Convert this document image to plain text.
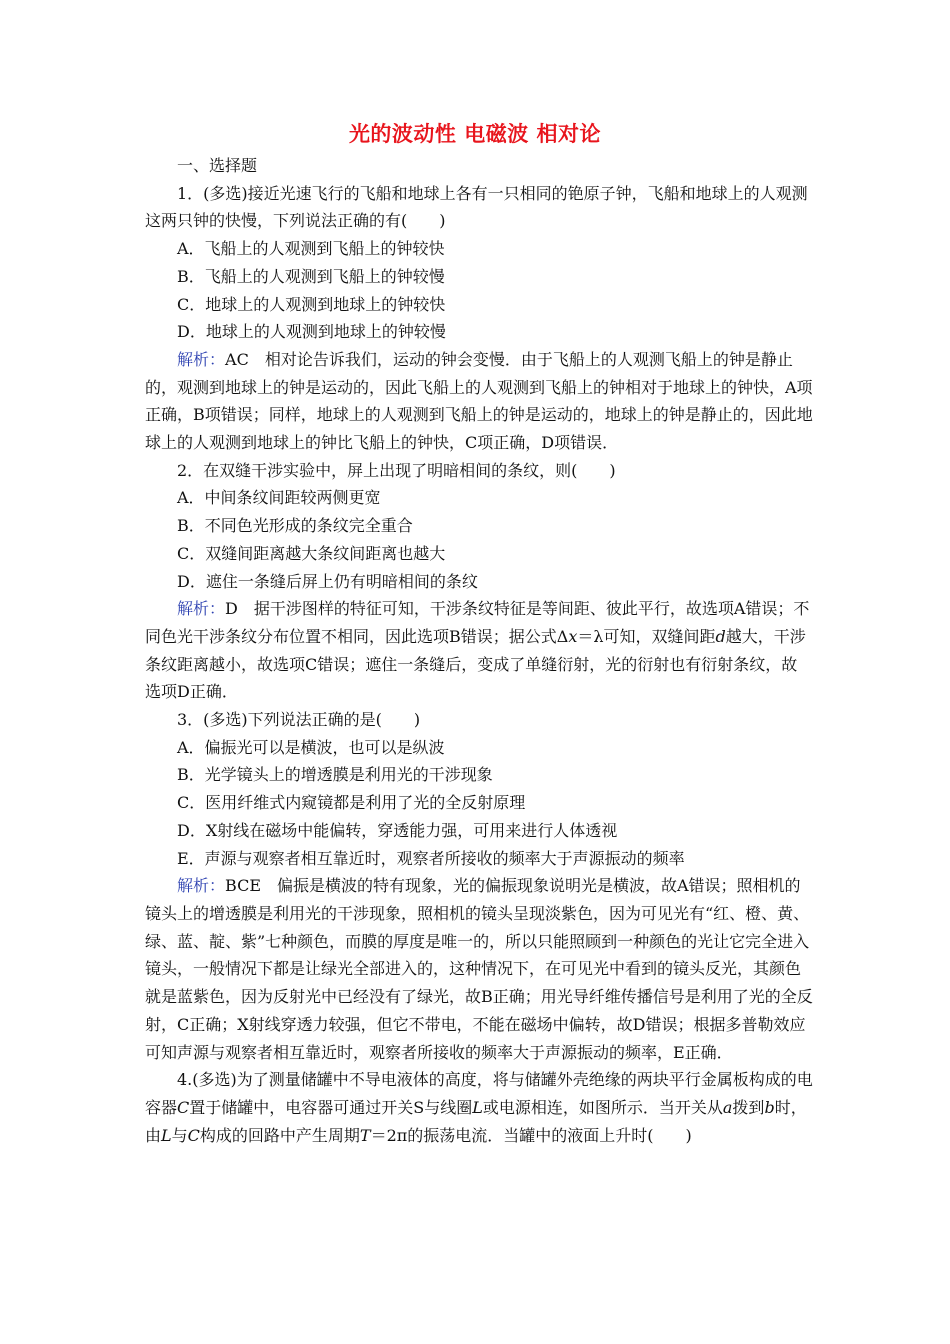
光的波动性 电磁波 相对论

一、选择题

1．(多选)接近光速飞行的飞船和地球上各有一只相同的铯原子钟，飞船和地球上的人观测这两只钟的快慢，下列说法正确的有(　　)

A．飞船上的人观测到飞船上的钟较快

B．飞船上的人观测到飞船上的钟较慢

C．地球上的人观测到地球上的钟较快

D．地球上的人观测到地球上的钟较慢

解析：AC　相对论告诉我们，运动的钟会变慢．由于飞船上的人观测飞船上的钟是静止的，观测到地球上的钟是运动的，因此飞船上的人观测到飞船上的钟相对于地球上的钟快，A项正确，B项错误；同样，地球上的人观测到飞船上的钟是运动的，地球上的钟是静止的，因此地球上的人观测到地球上的钟比飞船上的钟快，C项正确，D项错误．

2．在双缝干涉实验中，屏上出现了明暗相间的条纹，则(　　)

A．中间条纹间距较两侧更宽

B．不同色光形成的条纹完全重合

C．双缝间距离越大条纹间距离也越大

D．遮住一条缝后屏上仍有明暗相间的条纹

解析：D　据干涉图样的特征可知，干涉条纹特征是等间距、彼此平行，故选项A错误；不同色光干涉条纹分布位置不相同，因此选项B错误；据公式Δx＝λ可知，双缝间距d越大，干涉条纹距离越小，故选项C错误；遮住一条缝后，变成了单缝衍射，光的衍射也有衍射条纹，故选项D正确．

3．(多选)下列说法正确的是(　　)

A．偏振光可以是横波，也可以是纵波

B．光学镜头上的增透膜是利用光的干涉现象

C．医用纤维式内窥镜都是利用了光的全反射原理

D．X射线在磁场中能偏转，穿透能力强，可用来进行人体透视

E．声源与观察者相互靠近时，观察者所接收的频率大于声源振动的频率

解析：BCE　偏振是横波的特有现象，光的偏振现象说明光是横波，故A错误；照相机的镜头上的增透膜是利用光的干涉现象，照相机的镜头呈现淡紫色，因为可见光有“红、橙、黄、绿、蓝、靛、紫”七种颜色，而膜的厚度是唯一的，所以只能照顾到一种颜色的光让它完全进入镜头，一般情况下都是让绿光全部进入的，这种情况下，在可见光中看到的镜头反光，其颜色就是蓝紫色，因为反射光中已经没有了绿光，故B正确；用光导纤维传播信号是利用了光的全反射，C正确；X射线穿透力较强，但它不带电，不能在磁场中偏转，故D错误；根据多普勒效应可知声源与观察者相互靠近时，观察者所接收的频率大于声源振动的频率，E正确．

4.(多选)为了测量储罐中不导电液体的高度，将与储罐外壳绝缘的两块平行金属板构成的电容器C置于储罐中，电容器可通过开关S与线圈L或电源相连，如图所示．当开关从a拨到b时，由L与C构成的回路中产生周期T＝2π的振荡电流．当罐中的液面上升时(　　)
